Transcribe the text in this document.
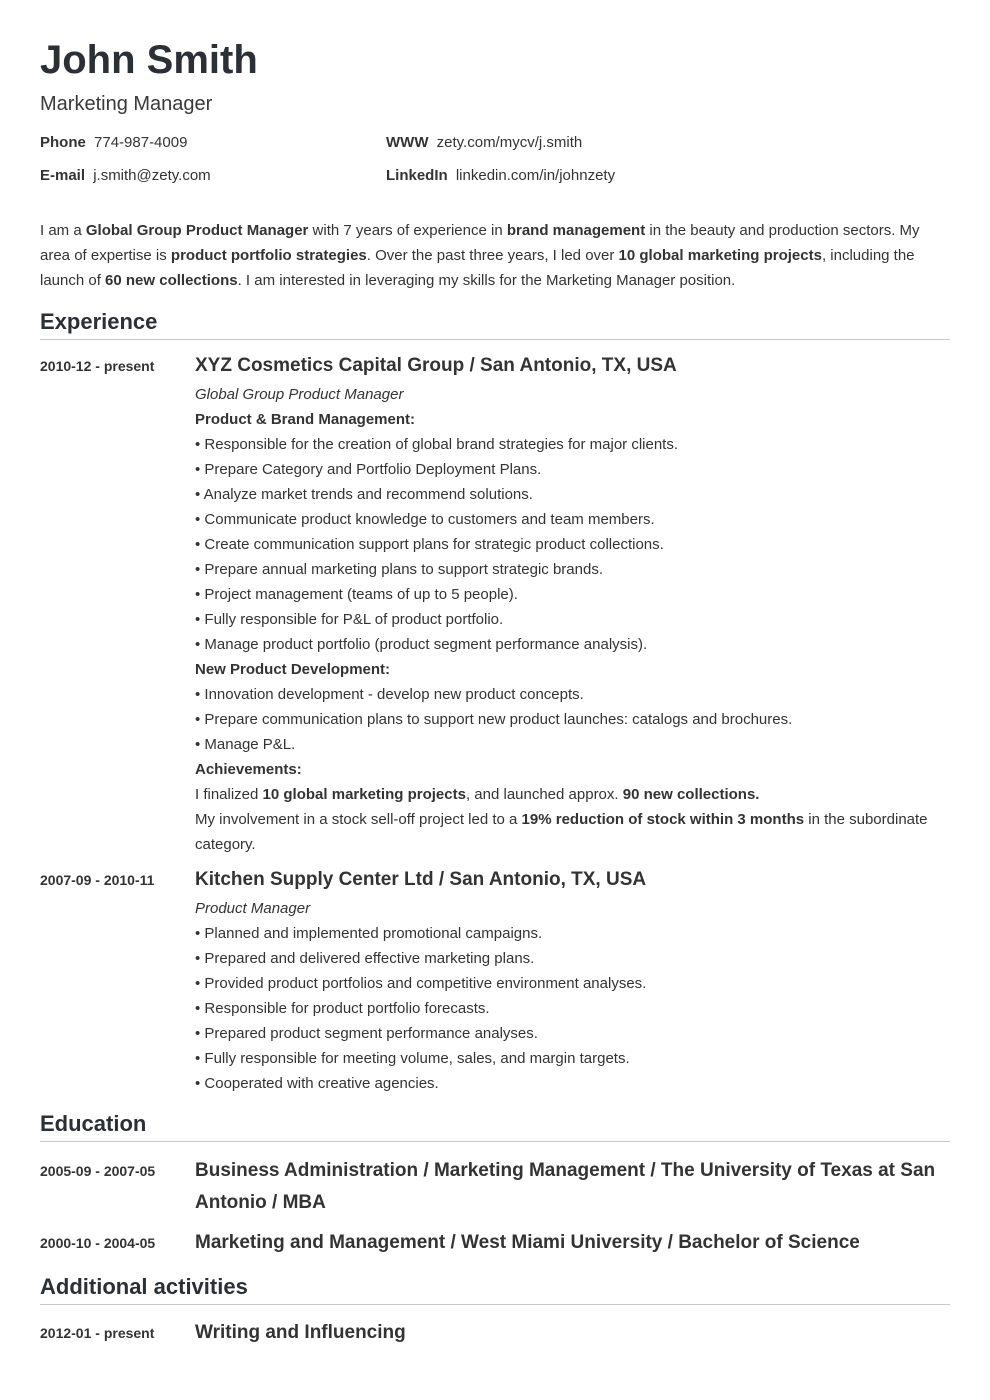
John Smith
Marketing Manager
Phone 774-987-4009	WWW zety.com/mycv/j.smith
E-mail j.smith@zety.com	LinkedIn linkedin.com/in/johnzety
I am a Global Group Product Manager with 7 years of experience in brand management in the beauty and production sectors. My area of expertise is product portfolio strategies. Over the past three years, I led over 10 global marketing projects, including the launch of 60 new collections. I am interested in leveraging my skills for the Marketing Manager position.
Experience
2010-12 - present	XYZ Cosmetics Capital Group / San Antonio, TX, USA
Global Group Product Manager
Product & Brand Management:
• Responsible for the creation of global brand strategies for major clients.
• Prepare Category and Portfolio Deployment Plans.
• Analyze market trends and recommend solutions.
• Communicate product knowledge to customers and team members.
• Create communication support plans for strategic product collections.
• Prepare annual marketing plans to support strategic brands.
• Project management (teams of up to 5 people).
• Fully responsible for P&L of product portfolio.
• Manage product portfolio (product segment performance analysis).
New Product Development:
• Innovation development - develop new product concepts.
• Prepare communication plans to support new product launches: catalogs and brochures.
• Manage P&L.
Achievements:
I finalized 10 global marketing projects, and launched approx. 90 new collections.
My involvement in a stock sell-off project led to a 19% reduction of stock within 3 months in the subordinate category.
2007-09 - 2010-11	Kitchen Supply Center Ltd / San Antonio, TX, USA
Product Manager
• Planned and implemented promotional campaigns.
• Prepared and delivered effective marketing plans.
• Provided product portfolios and competitive environment analyses.
• Responsible for product portfolio forecasts.
• Prepared product segment performance analyses.
• Fully responsible for meeting volume, sales, and margin targets.
• Cooperated with creative agencies.
Education
2005-09 - 2007-05	Business Administration / Marketing Management / The University of Texas at San Antonio / MBA
2000-10 - 2004-05	Marketing and Management / West Miami University / Bachelor of Science
Additional activities
2012-01 - present	Writing and Influencing
